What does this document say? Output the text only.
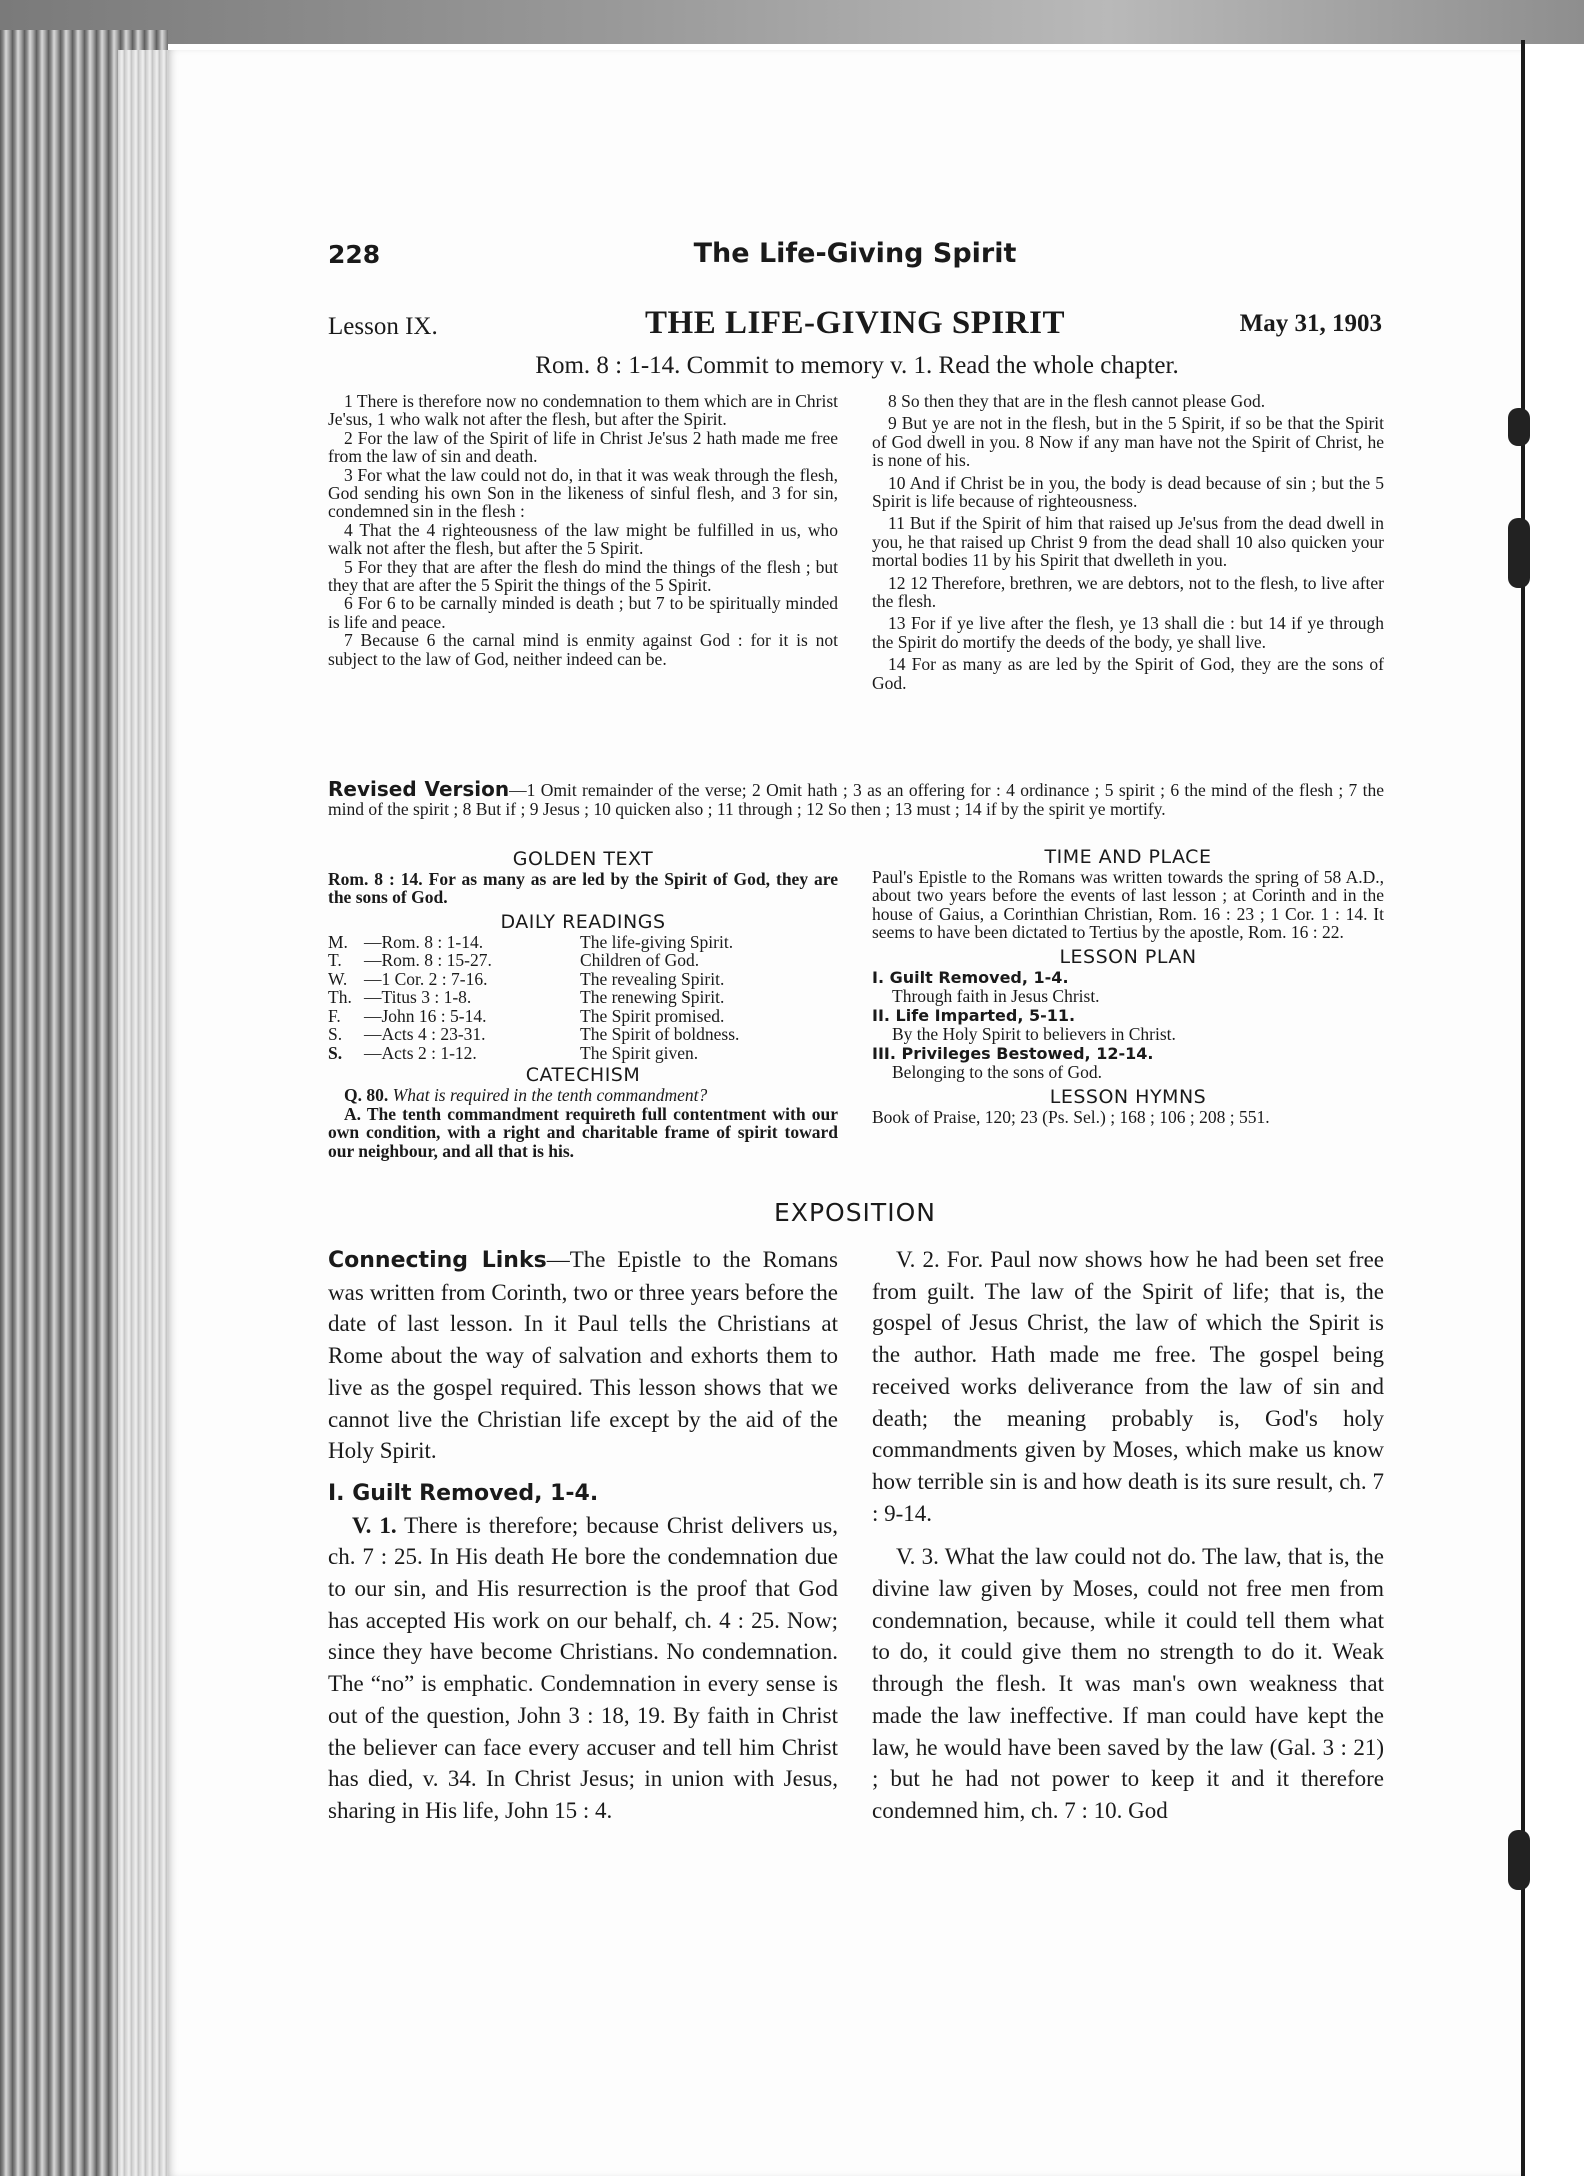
228	The Life-Giving Spirit
Lesson IX.	THE LIFE-GIVING SPIRIT	May 31, 1903
Rom. 8 : 1-14. Commit to memory v. 1. Read the whole chapter.

1 There is therefore now no condemnation to them which are in Christ Je'sus, 1 who walk not after the flesh, but after the Spirit.

2 For the law of the Spirit of life in Christ Je'sus 2 hath made me free from the law of sin and death.

3 For what the law could not do, in that it was weak through the flesh, God sending his own Son in the likeness of sinful flesh, and 3 for sin, condemned sin in the flesh :

4 That the 4 righteousness of the law might be fulfilled in us, who walk not after the flesh, but after the 5 Spirit.

5 For they that are after the flesh do mind the things of the flesh ; but they that are after the 5 Spirit the things of the 5 Spirit.

6 For 6 to be carnally minded is death ; but 7 to be spiritually minded is life and peace.

7 Because 6 the carnal mind is enmity against God : for it is not subject to the law of God, neither indeed can be.

8 So then they that are in the flesh cannot please God.

9 But ye are not in the flesh, but in the 5 Spirit, if so be that the Spirit of God dwell in you. 8 Now if any man have not the Spirit of Christ, he is none of his.

10 And if Christ be in you, the body is dead because of sin ; but the 5 Spirit is life because of righteousness.

11 But if the Spirit of him that raised up Je'sus from the dead dwell in you, he that raised up Christ 9 from the dead shall 10 also quicken your mortal bodies 11 by his Spirit that dwelleth in you.

12 12 Therefore, brethren, we are debtors, not to the flesh, to live after the flesh.

13 For if ye live after the flesh, ye 13 shall die : but 14 if ye through the Spirit do mortify the deeds of the body, ye shall live.

14 For as many as are led by the Spirit of God, they are the sons of God.

Revised Version—1 Omit remainder of the verse; 2 Omit hath ; 3 as an offering for : 4 ordinance ; 5 spirit ; 6 the mind of the flesh ; 7 the mind of the spirit ; 8 But if ; 9 Jesus ; 10 quicken also ; 11 through ; 12 So then ; 13 must ; 14 if by the spirit ye mortify.

GOLDEN TEXT

Rom. 8 : 14. For as many as are led by the Spirit of God, they are the sons of God.

DAILY READINGS

M.	—Rom. 8 : 1-14.	The life-giving Spirit.
T.	—Rom. 8 : 15-27.	Children of God.
W.	—1 Cor. 2 : 7-16.	The revealing Spirit.
Th.	—Titus 3 : 1-8.	The renewing Spirit.
F.	—John 16 : 5-14.	The Spirit promised.
S.	—Acts 4 : 23-31.	The Spirit of boldness.
S.	—Acts 2 : 1-12.	The Spirit given.

CATECHISM

Q. 80. What is required in the tenth commandment?

A. The tenth commandment requireth full contentment with our own condition, with a right and charitable frame of spirit toward our neighbour, and all that is his.

TIME AND PLACE

Paul's Epistle to the Romans was written towards the spring of 58 A.D., about two years before the events of last lesson ; at Corinth and in the house of Gaius, a Corinthian Christian, Rom. 16 : 23 ; 1 Cor. 1 : 14. It seems to have been dictated to Tertius by the apostle, Rom. 16 : 22.

LESSON PLAN

I. Guilt Removed, 1-4.

Through faith in Jesus Christ.

II. Life Imparted, 5-11.

By the Holy Spirit to believers in Christ.

III. Privileges Bestowed, 12-14.

Belonging to the sons of God.

LESSON HYMNS

Book of Praise, 120; 23 (Ps. Sel.) ; 168 ; 106 ; 208 ; 551.

EXPOSITION

Connecting Links—The Epistle to the Romans was written from Corinth, two or three years before the date of last lesson. In it Paul tells the Christians at Rome about the way of salvation and exhorts them to live as the gospel required. This lesson shows that we cannot live the Christian life except by the aid of the Holy Spirit.

I. Guilt Removed, 1-4.

V. 1. There is therefore; because Christ delivers us, ch. 7 : 25. In His death He bore the condemnation due to our sin, and His resurrection is the proof that God has accepted His work on our behalf, ch. 4 : 25. Now; since they have become Christians. No condemnation. The “no” is emphatic. Condemnation in every sense is out of the question, John 3 : 18, 19. By faith in Christ the believer can face every accuser and tell him Christ has died, v. 34. In Christ Jesus; in union with Jesus, sharing in His life, John 15 : 4.

V. 2. For. Paul now shows how he had been set free from guilt. The law of the Spirit of life; that is, the gospel of Jesus Christ, the law of which the Spirit is the author. Hath made me free. The gospel being received works deliverance from the law of sin and death; the meaning probably is, God's holy commandments given by Moses, which make us know how terrible sin is and how death is its sure result, ch. 7 : 9-14.

V. 3. What the law could not do. The law, that is, the divine law given by Moses, could not free men from condemnation, because, while it could tell them what to do, it could give them no strength to do it. Weak through the flesh. It was man's own weakness that made the law ineffective. If man could have kept the law, he would have been saved by the law (Gal. 3 : 21) ; but he had not power to keep it and it therefore condemned him, ch. 7 : 10. God
